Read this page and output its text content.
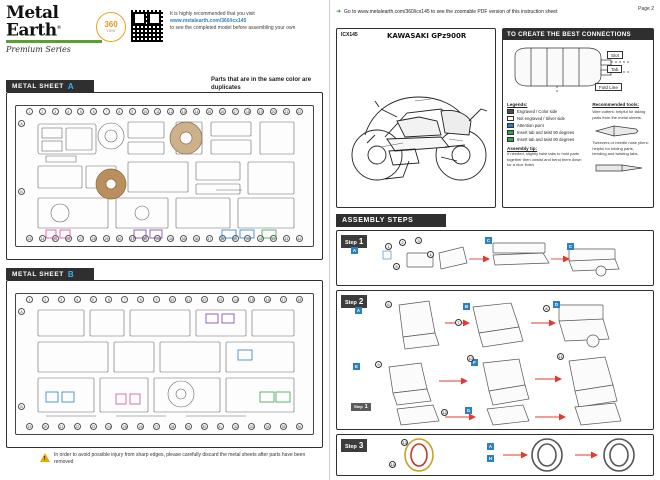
Metal
Earth®
Premium Series
360
VIEW
It is highly recommended that you visit
www.metalearth.com/360/icx145
to see the completed model before assembling your own
METAL SHEET A
Parts that are in the same color are duplicates
1	2	3	4	5	6	7	8	9	10	11	12	13	14	15	16	17	18	19	20	21	22
23	24	25	26	27	28	29	30	31	32	33	34	35	36	37	38	39	40	41	42	43	44
A
B
METAL SHEET B
1	2	3	4	5	6	7	8	9	10	11	12	13	14	15	16	17	18
19	20	21	22	23	24	25	26	27	28	29	30	31	32	33	34	35	36
A
B
!
In order to avoid possible injury from sharp edges, please carefully discard the metal sheets after parts have been removed
Page 2
➜ Go to www.metalearth.com/360/icx145 to see the zoomable PDF version of this instruction sheet
ICX145	KAWASAKI GPz900R	TO CREATE THE BEST CONNECTIONS
Slot
Tab
Fold Line
Legends:
Engraved / Color side
Not engraved / Silver side
Attention point
Insert tab and twist 90 degrees
Insert tab and twist 90 degrees
Assembly tip:
If needed, slightly twist tabs to hold parts together then unwist and bend them down for a nice finish
Recommended tools:
Wire cutters: helpful for taking parts from the metal sheets.
Tweezers or needle nose pliers: helpful for folding parts, bending and twisting tabs.
ASSEMBLY STEPS
Step 1
A
C
C
1
2	3
4
5
Step 2
A
B	D
E
F
G
6
7
8
9
10	11
12
Step 1
Step 3	A
H
13
14
